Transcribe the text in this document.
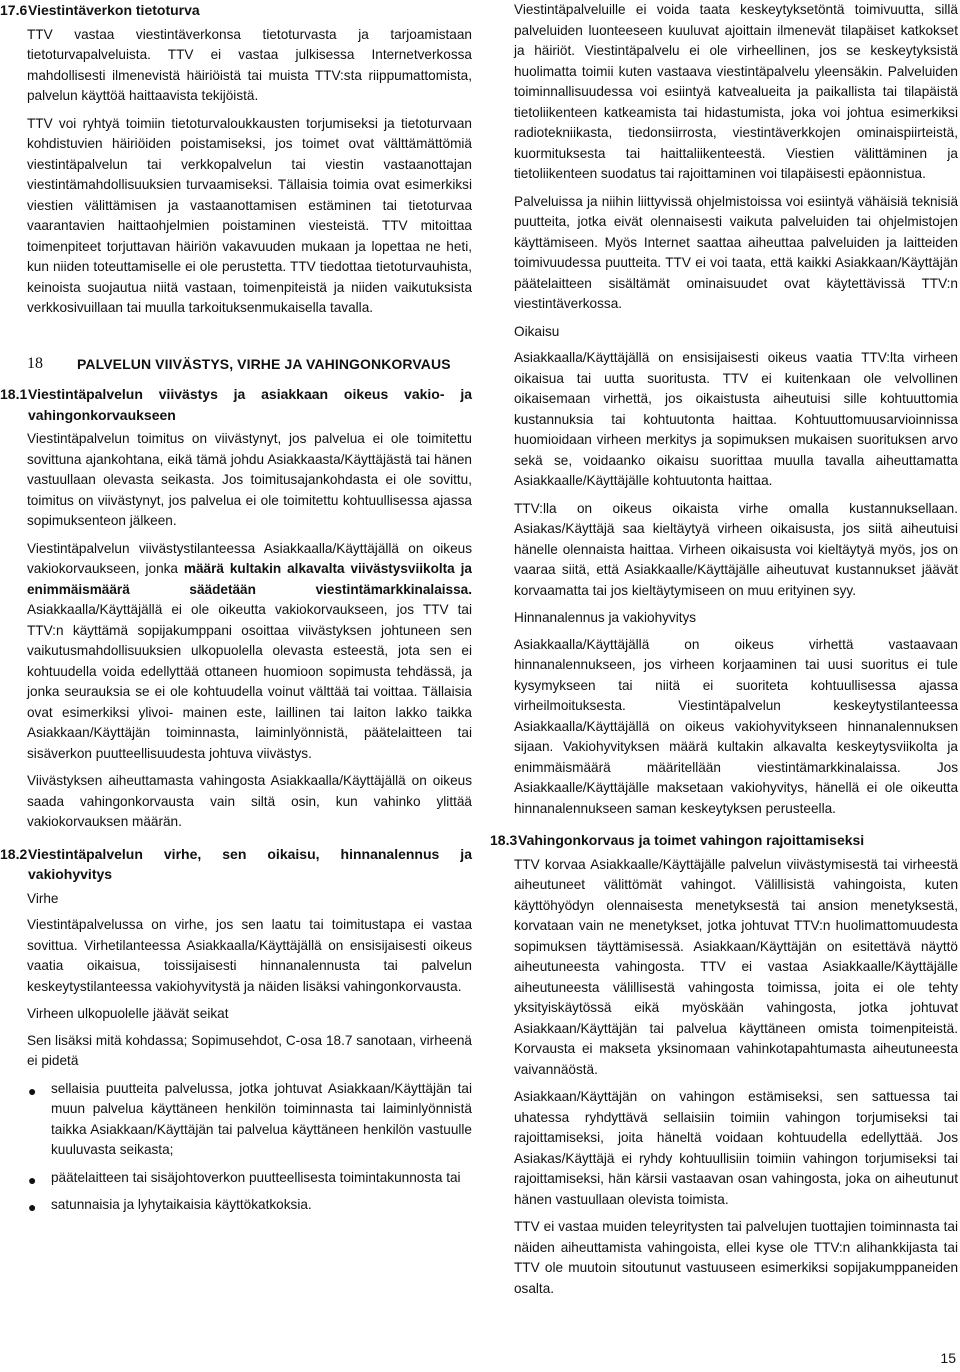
17.6 Viestintäverkon tietoturva

TTV vastaa viestintäverkonsa tietoturvasta ja tarjoamistaan tietoturvapalveluista. TTV ei vastaa julkisessa Internetverkossa mahdollisesti ilmenevistä häiriöistä tai muista TTV:sta riippumattomista, palvelun käyttöä haittaavista tekijöistä.

TTV voi ryhtyä toimiin tietoturvaloukkausten torjumiseksi ja tietoturvaan kohdistuvien häiriöiden poistamiseksi, jos toimet ovat välttämättömiä viestintäpalvelun tai verkkopalvelun tai viestin vastaanottajan viestintämahdollisuuksien turvaamiseksi. Tällaisia toimia ovat esimerkiksi viestien välittämisen ja vastaanottamisen estäminen tai tietoturvaa vaarantavien haittaohjelmien poistaminen viesteistä. TTV mitoittaa toimenpiteet torjuttavan häiriön vakavuuden mukaan ja lopettaa ne heti, kun niiden toteuttamiselle ei ole perustetta. TTV tiedottaa tietoturvauhista, keinoista suojautua niitä vastaan, toimenpiteistä ja niiden vaikutuksista verkkosivuillaan tai muulla tarkoituksenmukaisella tavalla.

18	PALVELUN VIIVÄSTYS, VIRHE JA VAHINGONKORVAUS
18.1 Viestintäpalvelun viivästys ja asiakkaan oikeus vakio- ja vahingonkorvaukseen

Viestintäpalvelun toimitus on viivästynyt, jos palvelua ei ole toimitettu sovittuna ajankohtana, eikä tämä johdu Asiakkaasta/Käyttäjästä tai hänen vastuullaan olevasta seikasta. Jos toimitusajankohdasta ei ole sovittu, toimitus on viivästynyt, jos palvelua ei ole toimitettu kohtuullisessa ajassa sopimuksenteon jälkeen.

Viestintäpalvelun viivästystilanteessa Asiakkaalla/Käyttäjällä on oikeus vakiokorvaukseen, jonka määrä kultakin alkavalta viivästysviikolta ja enimmäismäärä säädetään viestintämarkkinalaissa. Asiakkaalla/Käyttäjällä ei ole oikeutta vakiokorvaukseen, jos TTV tai TTV:n käyttämä sopijakumppani osoittaa viivästyksen johtuneen sen vaikutusmahdollisuuksien ulkopuolella olevasta esteestä, jota sen ei kohtuudella voida edellyttää ottaneen huomioon sopimusta tehdässä, ja jonka seurauksia se ei ole kohtuudella voinut välttää tai voittaa. Tällaisia ovat esimerkiksi ylivoi- mainen este, laillinen tai laiton lakko taikka Asiakkaan/Käyttäjän toiminnasta, laiminlyönnistä, päätelaitteen tai sisäverkon puutteellisuudesta johtuva viivästys.

Viivästyksen aiheuttamasta vahingosta Asiakkaalla/Käyttäjällä on oikeus saada vahingonkorvausta vain siltä osin, kun vahinko ylittää vakiokorvauksen määrän.

18.2 Viestintäpalvelun virhe, sen oikaisu, hinnanalennus ja vakiohyvitys
Virhe

Viestintäpalvelussa on virhe, jos sen laatu tai toimitustapa ei vastaa sovittua. Virhetilanteessa Asiakkaalla/Käyttäjällä on ensisijaisesti oikeus vaatia oikaisua, toissijaisesti hinnanalennusta tai palvelun keskeytystilanteessa vakiohyvitystä ja näiden lisäksi vahingonkorvausta.

Virheen ulkopuolelle jäävät seikat

Sen lisäksi mitä kohdassa; Sopimusehdot, C-osa 18.7 sanotaan, virheenä ei pidetä

● sellaisia puutteita palvelussa, jotka johtuvat Asiakkaan/Käyttäjän tai muun palvelua käyttäneen henkilön toiminnasta tai laiminlyönnistä taikka Asiakkaan/Käyttäjän tai palvelua käyttäneen henkilön vastuulle kuuluvasta seikasta;
● päätelaitteen tai sisäjohtoverkon puutteellisesta toimintakunnosta tai
● satunnaisia ja lyhytaikaisia käyttökatkoksia.

Viestintäpalveluille ei voida taata keskeytyksetöntä toimivuutta, sillä palveluiden luonteeseen kuuluvat ajoittain ilmenevät tilapäiset katkokset ja häiriöt. Viestintäpalvelu ei ole virheellinen, jos se keskeytyksistä huolimatta toimii kuten vastaava viestintäpalvelu yleensäkin. Palveluiden toiminnallisuudessa voi esiintyä katvealueita ja paikallista tai tilapäistä tietoliikenteen katkeamista tai hidastumista, joka voi johtua esimerkiksi radiotekniikasta, tiedonsiirrosta, viestintäverkkojen ominaispiirteistä, kuormituksesta tai haittaliikenteestä. Viestien välittäminen ja tietoliikenteen suodatus tai rajoittaminen voi tilapäisesti epäonnistua.

Palveluissa ja niihin liittyvissä ohjelmistoissa voi esiintyä vähäisiä teknisiä puutteita, jotka eivät olennaisesti vaikuta palveluiden tai ohjelmistojen käyttämiseen. Myös Internet saattaa aiheuttaa palveluiden ja laitteiden toimivuudessa puutteita. TTV ei voi taata, että kaikki Asiakkaan/Käyttäjän päätelaitteen sisältämät ominaisuudet ovat käytettävissä TTV:n viestintäverkossa.

Oikaisu

Asiakkaalla/Käyttäjällä on ensisijaisesti oikeus vaatia TTV:lta virheen oikaisua tai uutta suoritusta. TTV ei kuitenkaan ole velvollinen oikaisemaan virhettä, jos oikaistusta aiheutuisi sille kohtuuttomia kustannuksia tai kohtuutonta haittaa. Kohtuuttomuusarvioinnissa huomioidaan virheen merkitys ja sopimuksen mukaisen suorituksen arvo sekä se, voidaanko oikaisu suorittaa muulla tavalla aiheuttamatta Asiakkaalle/Käyttäjälle kohtuutonta haittaa.

TTV:lla on oikeus oikaista virhe omalla kustannuksellaan. Asiakas/Käyttäjä saa kieltäytyä virheen oikaisusta, jos siitä aiheutuisi hänelle olennaista haittaa. Virheen oikaisusta voi kieltäytyä myös, jos on vaaraa siitä, että Asiakkaalle/Käyttäjälle aiheutuvat kustannukset jäävät korvaamatta tai jos kieltäytymiseen on muu erityinen syy.

Hinnanalennus ja vakiohyvitys

Asiakkaalla/Käyttäjällä on oikeus virhettä vastaavaan hinnanalennukseen, jos virheen korjaaminen tai uusi suoritus ei tule kysymykseen tai niitä ei suoriteta kohtuullisessa ajassa virheilmoituksesta. Viestintäpalvelun keskeytystilanteessa Asiakkaalla/Käyttäjällä on oikeus vakiohyvitykseen hinnanalennuksen sijaan. Vakiohyvityksen määrä kultakin alkavalta keskeytysviikolta ja enimmäismäärä määritellään viestintämarkkinalaissa. Jos Asiakkaalle/Käyttäjälle maksetaan vakiohyvitys, hänellä ei ole oikeutta hinnanalennukseen saman keskeytyksen perusteella.

18.3 Vahingonkorvaus ja toimet vahingon rajoittamiseksi

TTV korvaa Asiakkaalle/Käyttäjälle palvelun viivästymisestä tai virheestä aiheutuneet välittömät vahingot. Välillisistä vahingoista, kuten käyttöhyödyn olennaisesta menetyksestä tai ansion menetyksestä, korvataan vain ne menetykset, jotka johtuvat TTV:n huolimattomuudesta sopimuksen täyttämisessä. Asiakkaan/Käyttäjän on esitettävä näyttö aiheutuneesta vahingosta. TTV ei vastaa Asiakkaalle/Käyttäjälle aiheutuneesta välillisestä vahingosta toimissa, joita ei ole tehty yksityiskäytössä eikä myöskään vahingosta, jotka johtuvat Asiakkaan/Käyttäjän tai palvelua käyttäneen omista toimenpiteistä. Korvausta ei makseta yksinomaan vahinkotapahtumasta aiheutuneesta vaivannäöstä.

Asiakkaan/Käyttäjän on vahingon estämiseksi, sen sattuessa tai uhatessa ryhdyttävä sellaisiin toimiin vahingon torjumiseksi tai rajoittamiseksi, joita häneltä voidaan kohtuudella edellyttää. Jos Asiakas/Käyttäjä ei ryhdy kohtuullisiin toimiin vahingon torjumiseksi tai rajoittamiseksi, hän kärsii vastaavan osan vahingosta, joka on aiheutunut hänen vastuullaan olevista toimista.

TTV ei vastaa muiden teleyritysten tai palvelujen tuottajien toiminnasta tai näiden aiheuttamista vahingoista, ellei kyse ole TTV:n alihankkijasta tai TTV ole muutoin sitoutunut vastuuseen esimerkiksi sopijakumppaneiden osalta.

15
